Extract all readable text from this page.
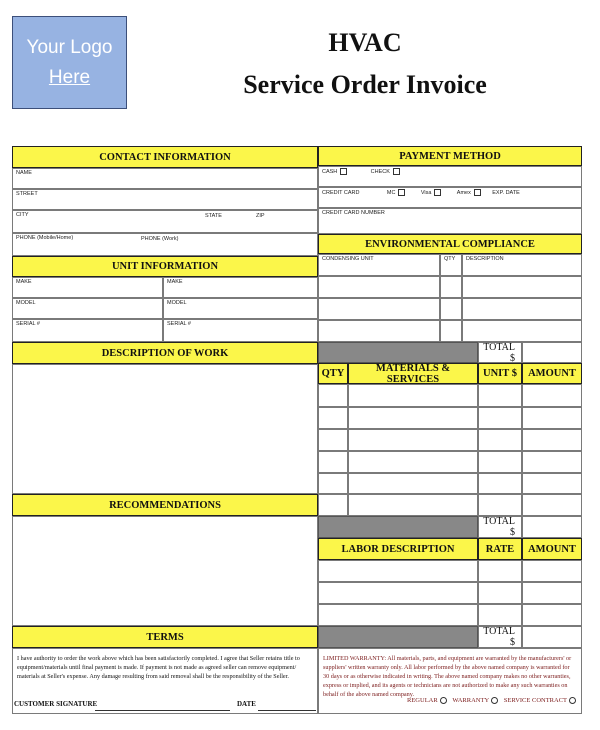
Your Logo
Here
HVAC
Service Order Invoice
CONTACT INFORMATION
NAME
STREET
CITY	STATE	ZIP
PHONE (Mobile/Home)	PHONE (Work)
PAYMENT METHOD
CASH	CHECK
CREDIT CARD	MC	Visa	Amex	EXP. DATE
CREDIT CARD NUMBER
ENVIRONMENTAL COMPLIANCE
CONDENSING UNIT	QTY	DESCRIPTION
UNIT INFORMATION
MAKE	MAKE
MODEL	MODEL
SERIAL #	SERIAL #
DESCRIPTION OF WORK
TOTAL $
QTY	MATERIALS & SERVICES	UNIT $	AMOUNT
RECOMMENDATIONS
TOTAL $
LABOR DESCRIPTION	RATE	AMOUNT
TERMS	TOTAL $
I have authority to order the work above which has been satisfactorily completed. I agree that Seller retains title to equipment/materials until final payment is made. If payment is not made as agreed seller can remove equipment/ materials at Seller's expense. Any damage resulting from said removal shall be the responsibility of the Seller.
CUSTOMER SIGNATURE	DATE
LIMITED WARRANTY: All materials, parts, and equipment are warranted by the manufacturers' or suppliers' written warranty only. All labor performed by the above named company is warranted for 30 days or as otherwise indicated in writing. The above named company makes no other warranties, express or implied, and its agents or technicians are not authorized to make any such warranties on behalf of the above named company.
REGULAR WARRANTY SERVICE CONTRACT
